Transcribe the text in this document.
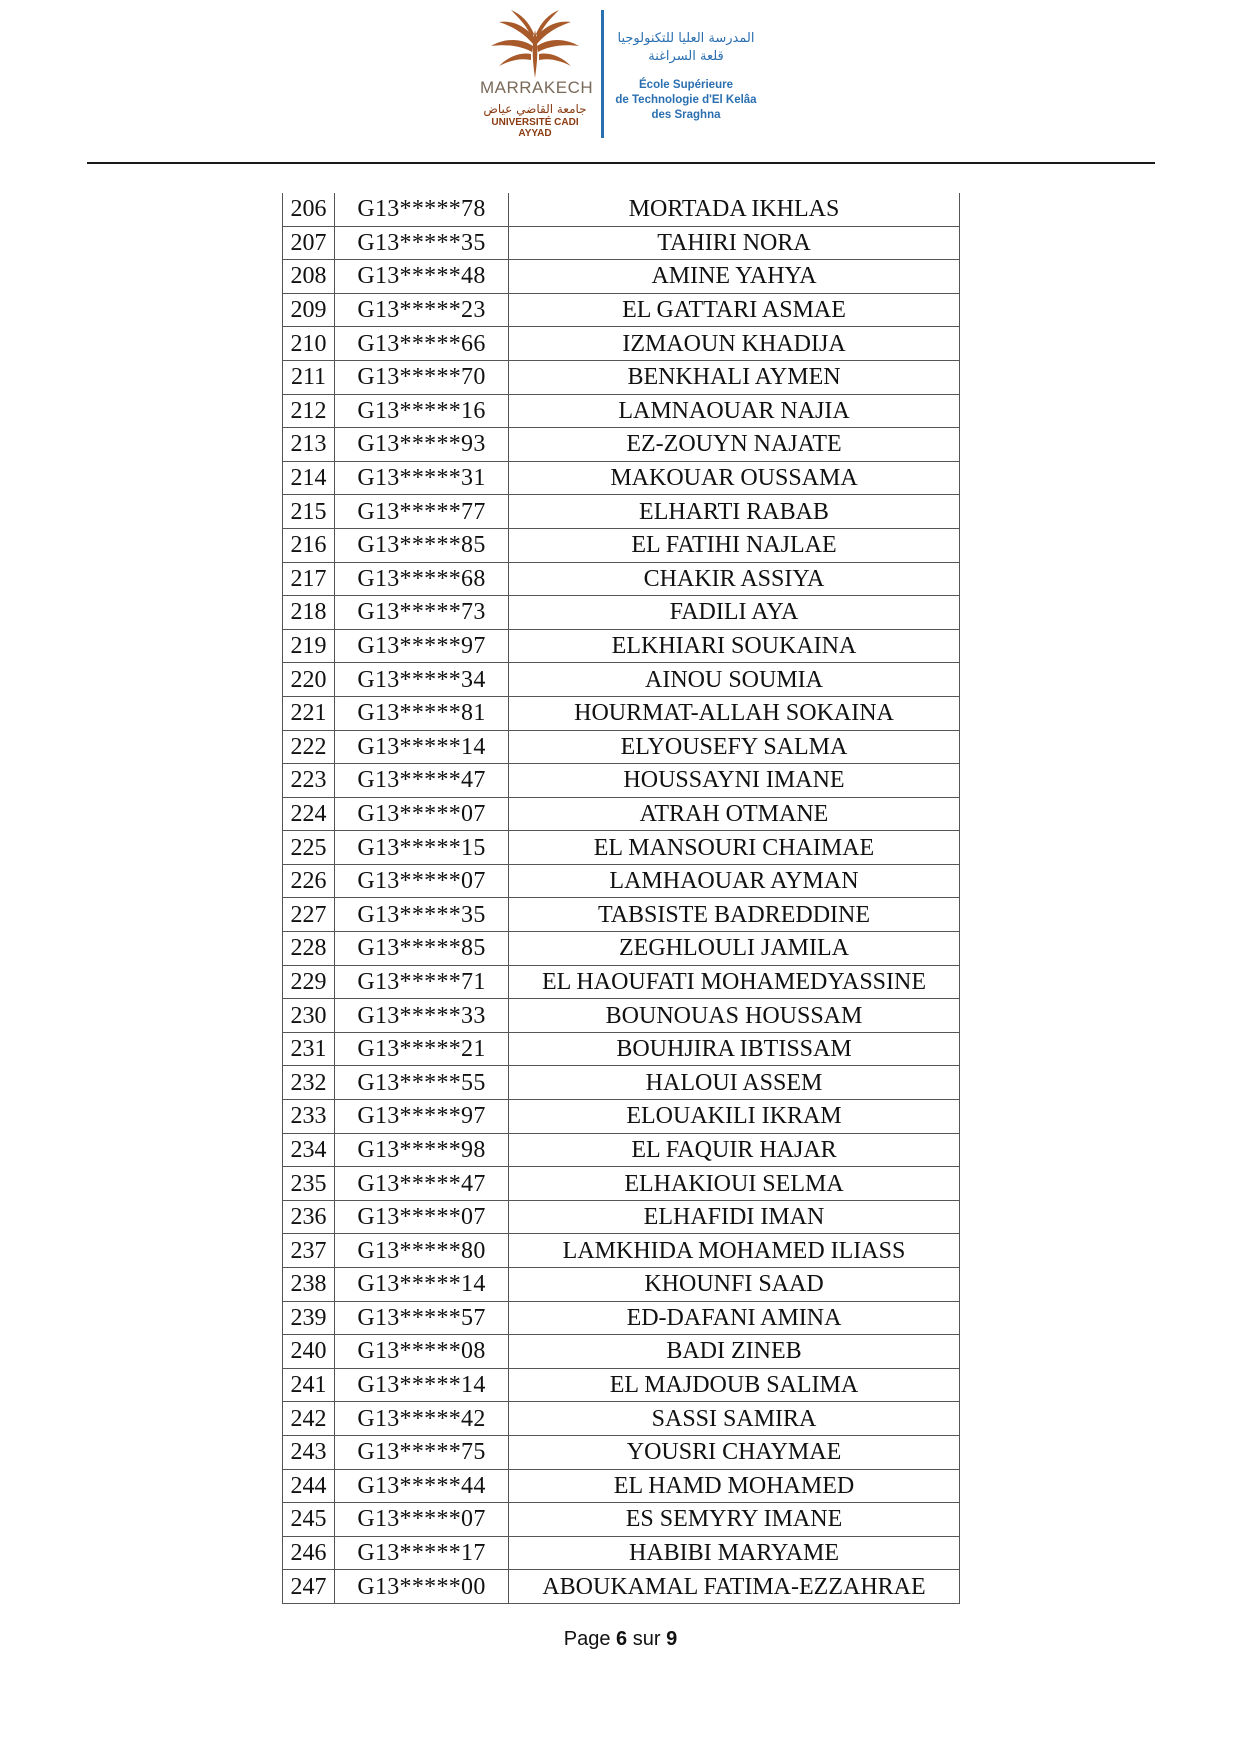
MARRAKECH
جامعة القاضي عياض
UNIVERSITÉ CADI AYYAD
المدرسة العليا للتكنولوجيا
قلعة السراغنة
École Supérieure
de Technologie d'El Kelâa
des Sraghna
206	G13*****78	MORTADA IKHLAS
207	G13*****35	TAHIRI NORA
208	G13*****48	AMINE YAHYA
209	G13*****23	EL GATTARI ASMAE
210	G13*****66	IZMAOUN KHADIJA
211	G13*****70	BENKHALI AYMEN
212	G13*****16	LAMNAOUAR NAJIA
213	G13*****93	EZ-ZOUYN NAJATE
214	G13*****31	MAKOUAR OUSSAMA
215	G13*****77	ELHARTI RABAB
216	G13*****85	EL FATIHI NAJLAE
217	G13*****68	CHAKIR ASSIYA
218	G13*****73	FADILI AYA
219	G13*****97	ELKHIARI SOUKAINA
220	G13*****34	AINOU SOUMIA
221	G13*****81	HOURMAT-ALLAH SOKAINA
222	G13*****14	ELYOUSEFY SALMA
223	G13*****47	HOUSSAYNI IMANE
224	G13*****07	ATRAH OTMANE
225	G13*****15	EL MANSOURI CHAIMAE
226	G13*****07	LAMHAOUAR AYMAN
227	G13*****35	TABSISTE BADREDDINE
228	G13*****85	ZEGHLOULI JAMILA
229	G13*****71	EL HAOUFATI MOHAMEDYASSINE
230	G13*****33	BOUNOUAS HOUSSAM
231	G13*****21	BOUHJIRA IBTISSAM
232	G13*****55	HALOUI ASSEM
233	G13*****97	ELOUAKILI IKRAM
234	G13*****98	EL FAQUIR HAJAR
235	G13*****47	ELHAKIOUI SELMA
236	G13*****07	ELHAFIDI IMAN
237	G13*****80	LAMKHIDA MOHAMED ILIASS
238	G13*****14	KHOUNFI SAAD
239	G13*****57	ED-DAFANI AMINA
240	G13*****08	BADI ZINEB
241	G13*****14	EL MAJDOUB SALIMA
242	G13*****42	SASSI SAMIRA
243	G13*****75	YOUSRI CHAYMAE
244	G13*****44	EL HAMD MOHAMED
245	G13*****07	ES SEMYRY IMANE
246	G13*****17	HABIBI MARYAME
247	G13*****00	ABOUKAMAL FATIMA-EZZAHRAE
Page 6 sur 9
